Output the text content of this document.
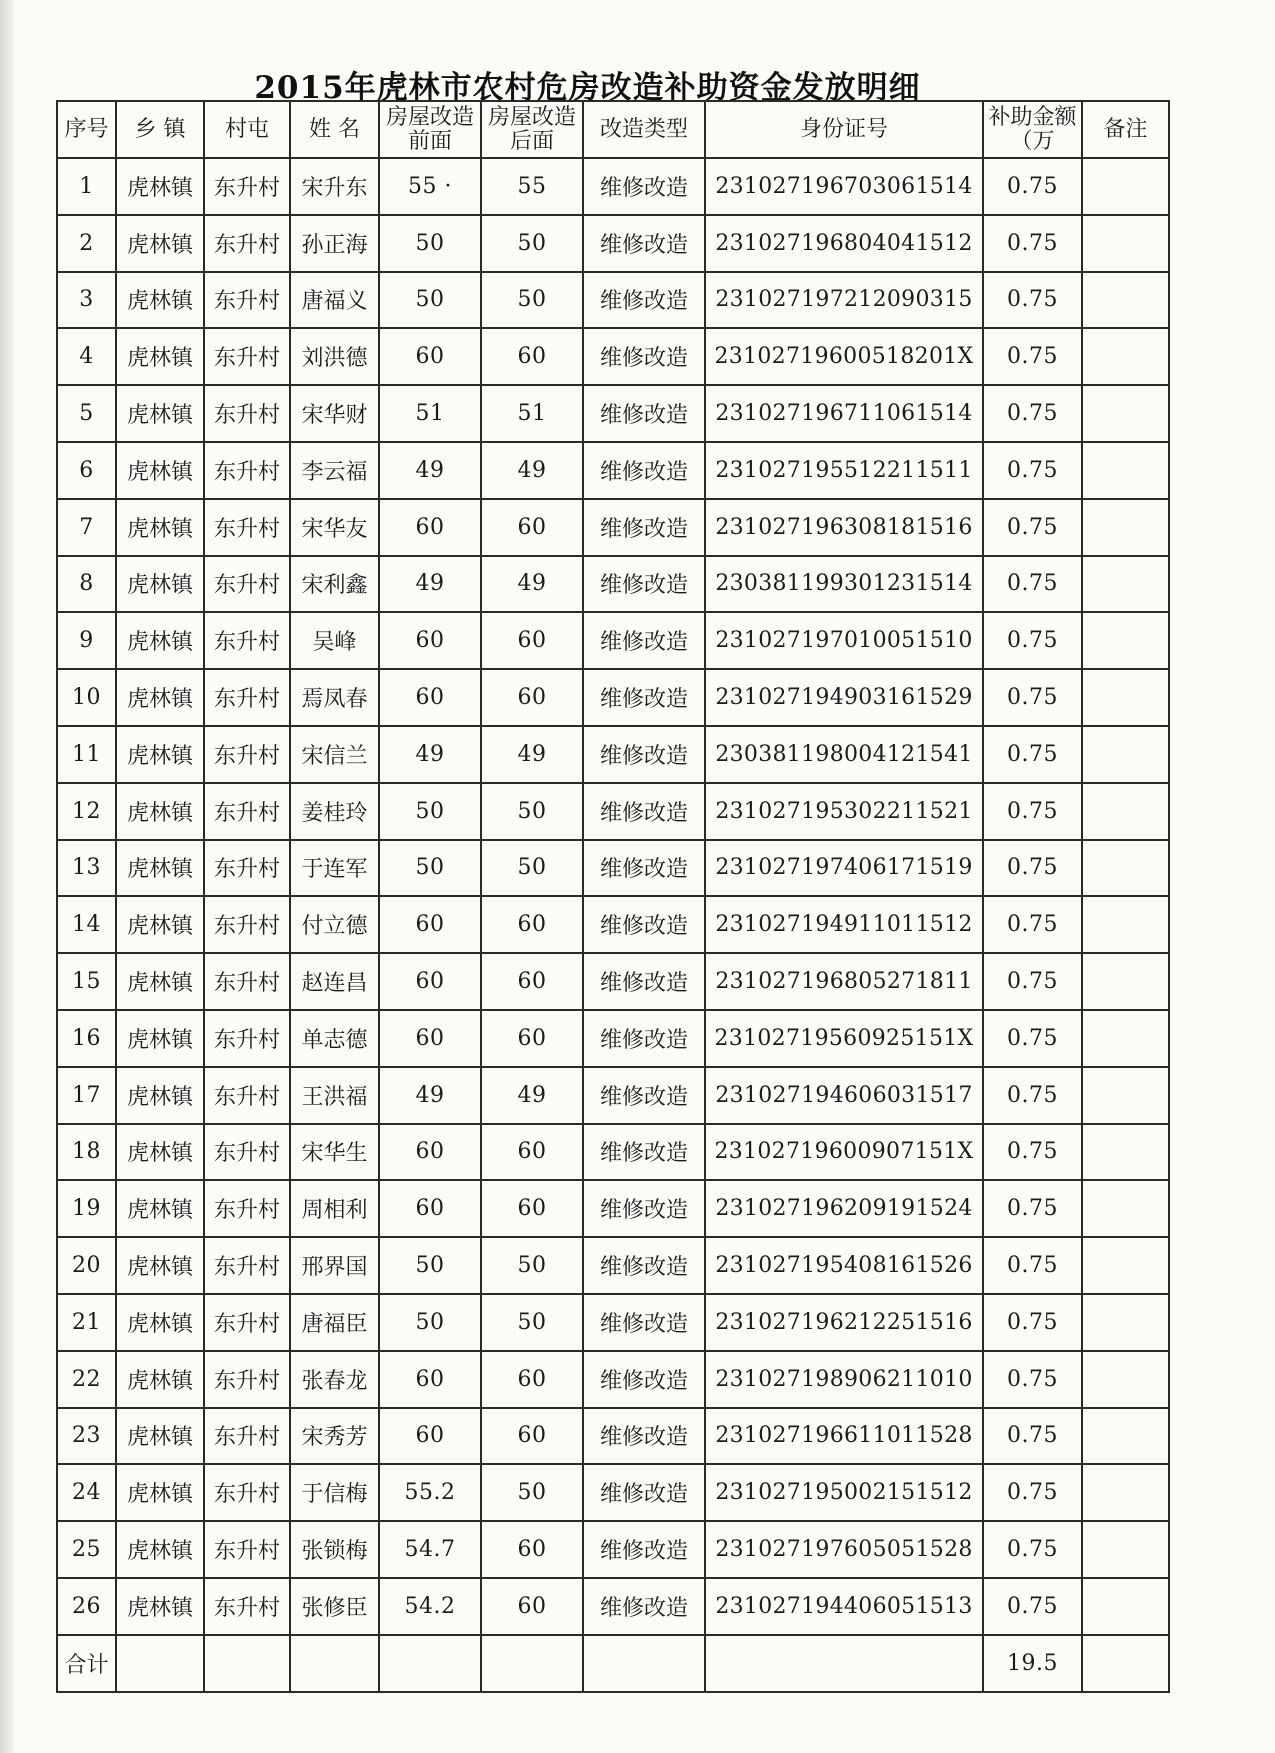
2015年虎林市农村危房改造补助资金发放明细
序号	乡 镇	村屯	姓 名	房屋改造前面	房屋改造后面	改造类型	身份证号	补助金额（万	备注
1	虎林镇	东升村	宋升东	55 ·	55	维修改造	231027196703061514	0.75	
2	虎林镇	东升村	孙正海	50	50	维修改造	231027196804041512	0.75	
3	虎林镇	东升村	唐福义	50	50	维修改造	231027197212090315	0.75	
4	虎林镇	东升村	刘洪德	60	60	维修改造	23102719600518201X	0.75	
5	虎林镇	东升村	宋华财	51	51	维修改造	231027196711061514	0.75	
6	虎林镇	东升村	李云福	49	49	维修改造	231027195512211511	0.75	
7	虎林镇	东升村	宋华友	60	60	维修改造	231027196308181516	0.75	
8	虎林镇	东升村	宋利鑫	49	49	维修改造	230381199301231514	0.75	
9	虎林镇	东升村	吴峰	60	60	维修改造	231027197010051510	0.75	
10	虎林镇	东升村	焉凤春	60	60	维修改造	231027194903161529	0.75	
11	虎林镇	东升村	宋信兰	49	49	维修改造	230381198004121541	0.75	
12	虎林镇	东升村	姜桂玲	50	50	维修改造	231027195302211521	0.75	
13	虎林镇	东升村	于连军	50	50	维修改造	231027197406171519	0.75	
14	虎林镇	东升村	付立德	60	60	维修改造	231027194911011512	0.75	
15	虎林镇	东升村	赵连昌	60	60	维修改造	231027196805271811	0.75	
16	虎林镇	东升村	单志德	60	60	维修改造	23102719560925151X	0.75	
17	虎林镇	东升村	王洪福	49	49	维修改造	231027194606031517	0.75	
18	虎林镇	东升村	宋华生	60	60	维修改造	23102719600907151X	0.75	
19	虎林镇	东升村	周相利	60	60	维修改造	231027196209191524	0.75	
20	虎林镇	东升村	邢界国	50	50	维修改造	231027195408161526	0.75	
21	虎林镇	东升村	唐福臣	50	50	维修改造	231027196212251516	0.75	
22	虎林镇	东升村	张春龙	60	60	维修改造	231027198906211010	0.75	
23	虎林镇	东升村	宋秀芳	60	60	维修改造	231027196611011528	0.75	
24	虎林镇	东升村	于信梅	55.2	50	维修改造	231027195002151512	0.75	
25	虎林镇	东升村	张锁梅	54.7	60	维修改造	231027197605051528	0.75	
26	虎林镇	东升村	张修臣	54.2	60	维修改造	231027194406051513	0.75	
合计								19.5	
